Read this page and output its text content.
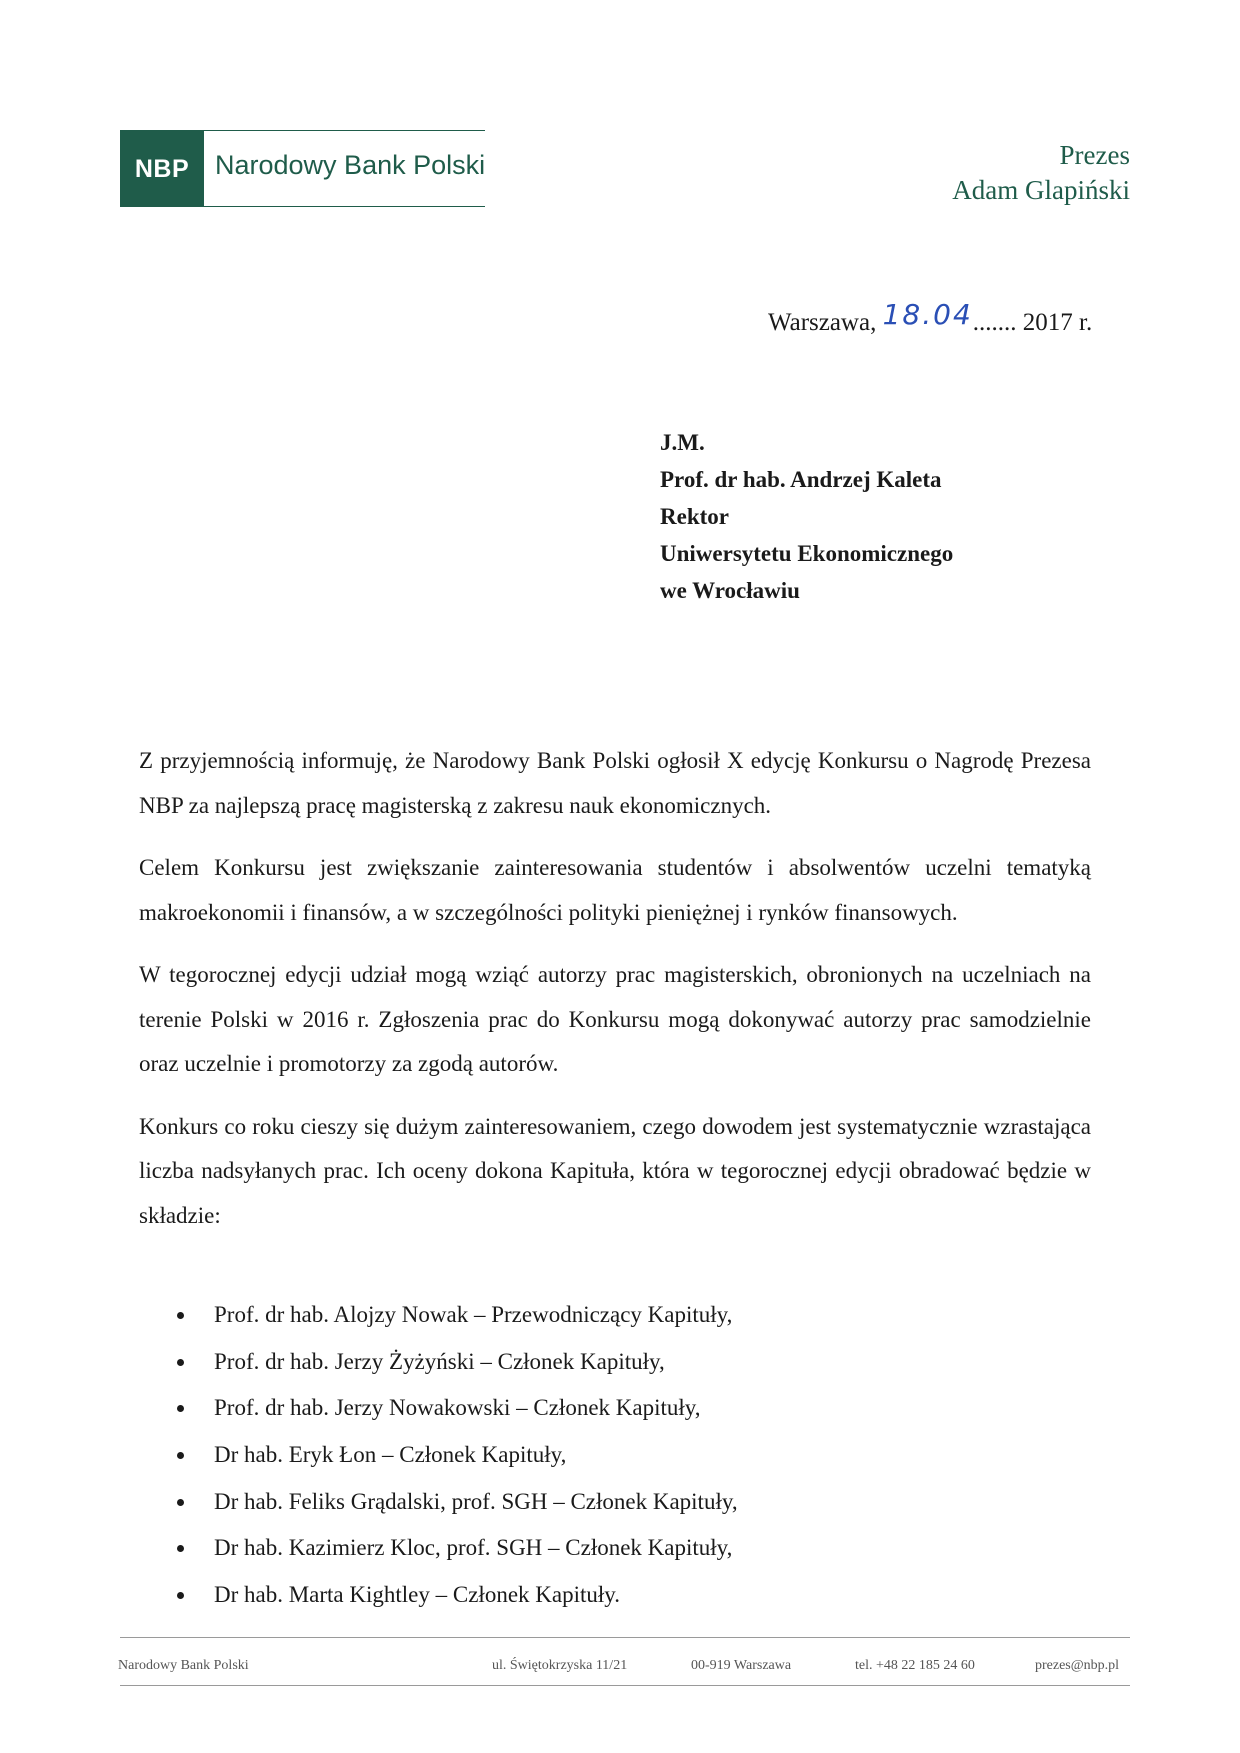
NBP Narodowy Bank Polski	Prezes
Adam Glapiński
Warszawa, 18.04....... 2017 r.
J.M.
Prof. dr hab. Andrzej Kaleta
Rektor
Uniwersytetu Ekonomicznego
we Wrocławiu

Z przyjemnością informuję, że Narodowy Bank Polski ogłosił X edycję Konkursu o Nagrodę Prezesa NBP za najlepszą pracę magisterską z zakresu nauk ekonomicznych.

Celem Konkursu jest zwiększanie zainteresowania studentów i absolwentów uczelni tematyką makroekonomii i finansów, a w szczególności polityki pieniężnej i rynków finansowych.

W tegorocznej edycji udział mogą wziąć autorzy prac magisterskich, obronionych na uczelniach na terenie Polski w 2016 r. Zgłoszenia prac do Konkursu mogą dokonywać autorzy prac samodzielnie oraz uczelnie i promotorzy za zgodą autorów.

Konkurs co roku cieszy się dużym zainteresowaniem, czego dowodem jest systematycznie wzrastająca liczba nadsyłanych prac. Ich oceny dokona Kapituła, która w tegorocznej edycji obradować będzie w składzie:

Prof. dr hab. Alojzy Nowak – Przewodniczący Kapituły,
Prof. dr hab. Jerzy Żyżyński – Członek Kapituły,
Prof. dr hab. Jerzy Nowakowski – Członek Kapituły,
Dr hab. Eryk Łon – Członek Kapituły,
Dr hab. Feliks Grądalski, prof. SGH – Członek Kapituły,
Dr hab. Kazimierz Kloc, prof. SGH – Członek Kapituły,
Dr hab. Marta Kightley – Członek Kapituły.
Narodowy Bank Polski	ul. Świętokrzyska 11/21	00-919 Warszawa	tel. +48 22 185 24 60	prezes@nbp.pl
